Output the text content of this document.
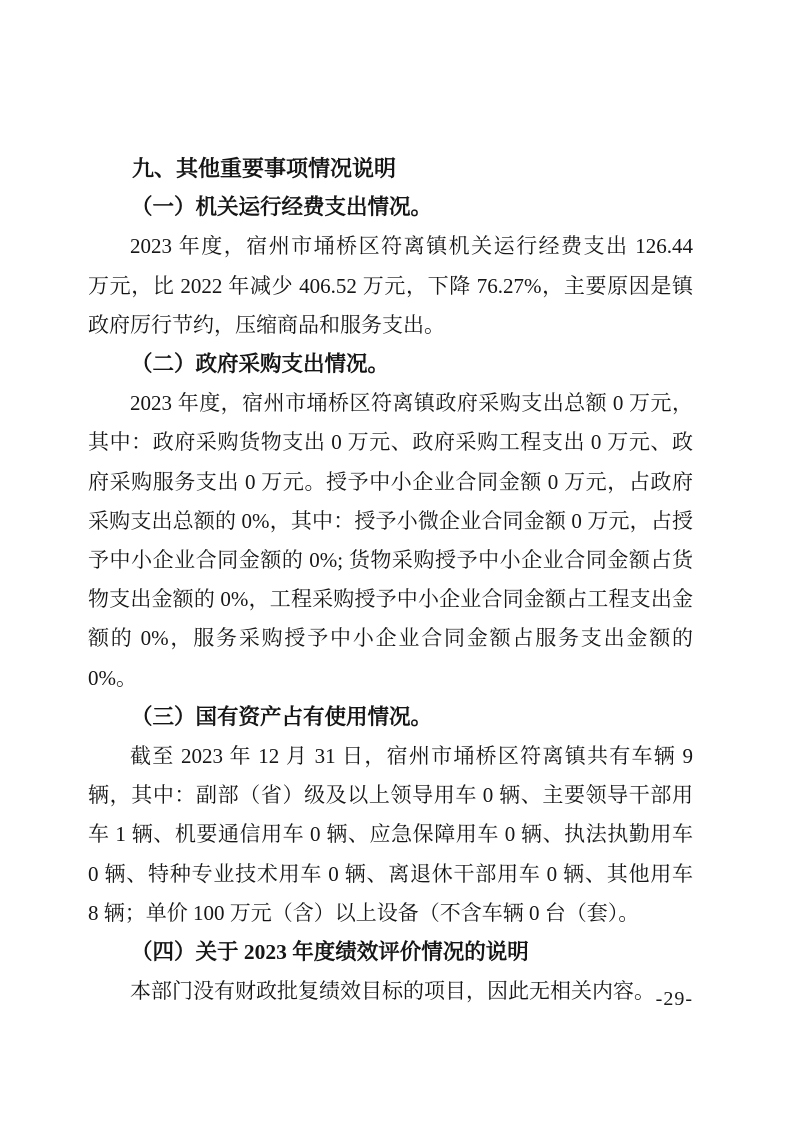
九、其他重要事项情况说明
（一）机关运行经费支出情况。
2023 年度，宿州市埇桥区符离镇机关运行经费支出 126.44
万元，比 2022 年减少 406.52 万元，下降 76.27%，主要原因是镇
政府厉行节约，压缩商品和服务支出。
（二）政府采购支出情况。
2023 年度，宿州市埇桥区符离镇政府采购支出总额 0 万元，
其中：政府采购货物支出 0 万元、政府采购工程支出 0 万元、政
府采购服务支出 0 万元。授予中小企业合同金额 0 万元，占政府
采购支出总额的 0%，其中：授予小微企业合同金额 0 万元，占授
予中小企业合同金额的 0%; 货物采购授予中小企业合同金额占货
物支出金额的 0%，工程采购授予中小企业合同金额占工程支出金
额的 0%，服务采购授予中小企业合同金额占服务支出金额的 0%。
（三）国有资产占有使用情况。
截至 2023 年 12 月 31 日，宿州市埇桥区符离镇共有车辆 9
辆，其中：副部（省）级及以上领导用车 0 辆、主要领导干部用
车 1 辆、机要通信用车 0 辆、应急保障用车 0 辆、执法执勤用车
0 辆、特种专业技术用车 0 辆、离退休干部用车 0 辆、其他用车
8 辆；单价 100 万元（含）以上设备（不含车辆 0 台（套）。
（四）关于 2023 年度绩效评价情况的说明
本部门没有财政批复绩效目标的项目，因此无相关内容。 -29-
